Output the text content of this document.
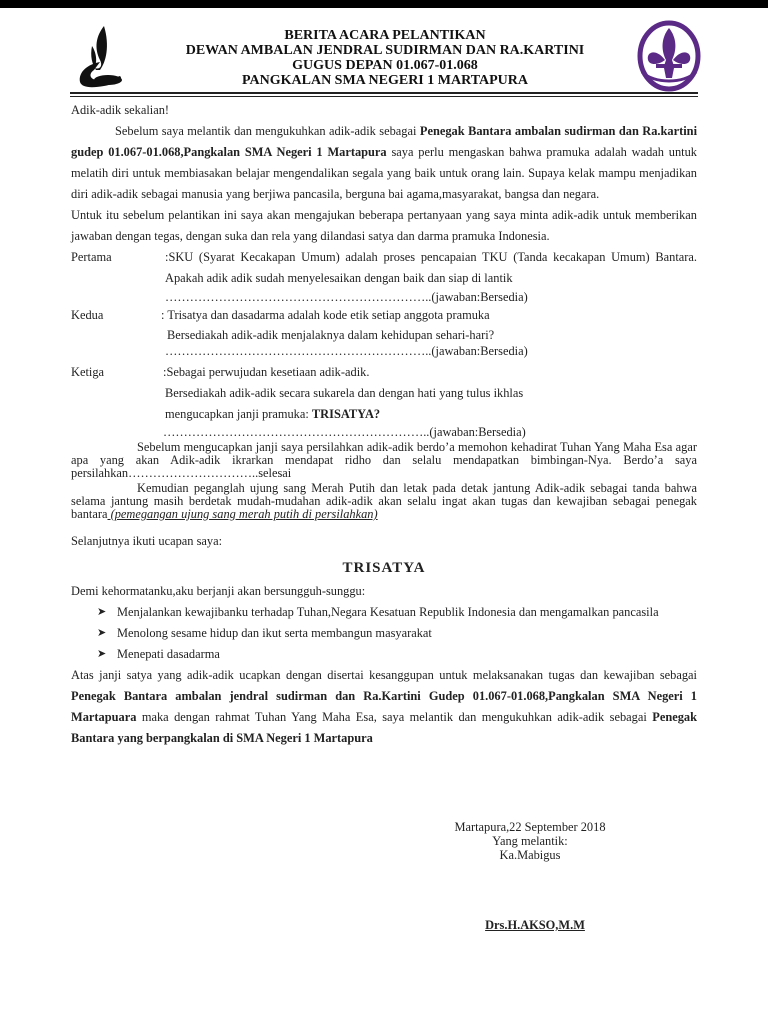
BERITA ACARA PELANTIKAN
DEWAN AMBALAN JENDRAL SUDIRMAN DAN RA.KARTINI
GUGUS DEPAN 01.067-01.068
PANGKALAN SMA NEGERI 1 MARTAPURA

Adik-adik sekalian!

Sebelum saya melantik dan mengukuhkan adik-adik sebagai Penegak Bantara ambalan sudirman dan Ra.kartini gudep 01.067-01.068,Pangkalan SMA Negeri 1 Martapura saya perlu mengaskan bahwa pramuka adalah wadah untuk melatih diri untuk membiasakan belajar mengendalikan segala yang baik untuk orang lain. Supaya kelak mampu menjadikan diri adik-adik sebagai manusia yang berjiwa pancasila, berguna bai agama,masyarakat, bangsa dan negara.

Untuk itu sebelum pelantikan ini saya akan mengajukan beberapa pertanyaan yang saya minta adik-adik untuk memberikan jawaban dengan tegas, dengan suka dan rela yang dilandasi satya dan darma pramuka Indonesia.

Pertama	:SKU (Syarat Kecakapan Umum) adalah proses pencapaian TKU (Tanda kecakapan Umum) Bantara. Apakah adik adik sudah menyelesaikan dengan baik dan siap di lantik

………………………………………………………..(jawaban:Bersedia)

Kedua	: Trisatya dan dasadarma adalah kode etik setiap anggota pramuka

Bersediakah adik-adik menjalaknya dalam kehidupan sehari-hari?

………………………………………………………..(jawaban:Bersedia)

Ketiga	:Sebagai perwujudan kesetiaan adik-adik.

Bersediakah adik-adik secara sukarela dan dengan hati yang tulus ikhlas

mengucapkan janji pramuka: TRISATYA?

………………………………………………………..(jawaban:Bersedia)

Sebelum mengucapkan janji saya persilahkan adik-adik berdo’a memohon kehadirat Tuhan Yang Maha Esa agar apa yang akan Adik-adik ikrarkan mendapat ridho dan selalu mendapatkan bimbingan-Nya. Berdo’a saya persilahkan…………………………..selesai

Kemudian peganglah ujung sang Merah Putih dan letak pada detak jantung Adik-adik sebagai tanda bahwa selama jantung masih berdetak mudah-mudahan adik-adik akan selalu ingat akan tugas dan kewajiban sebagai penegak bantara (pemegangan ujung sang merah putih di persilahkan)

Selanjutnya ikuti ucapan saya:

TRISATYA

Demi kehormatanku,aku berjanji akan bersungguh-sunggu:

➤ Menjalankan kewajibanku terhadap Tuhan,Negara Kesatuan Republik Indonesia dan mengamalkan pancasila
➤ Menolong sesame hidup dan ikut serta membangun masyarakat
➤ Menepati dasadarma

Atas janji satya yang adik-adik ucapkan dengan disertai kesanggupan untuk melaksanakan tugas dan kewajiban sebagai Penegak Bantara ambalan jendral sudirman dan Ra.Kartini Gudep 01.067-01.068,Pangkalan SMA Negeri 1 Martapuara maka dengan rahmat Tuhan Yang Maha Esa, saya melantik dan mengukuhkan adik-adik sebagai Penegak Bantara yang berpangkalan di SMA Negeri 1 Martapura

Martapura,22 September 2018
Yang melantik:
Ka.Mabigus
Drs.H.AKSO,M.M
